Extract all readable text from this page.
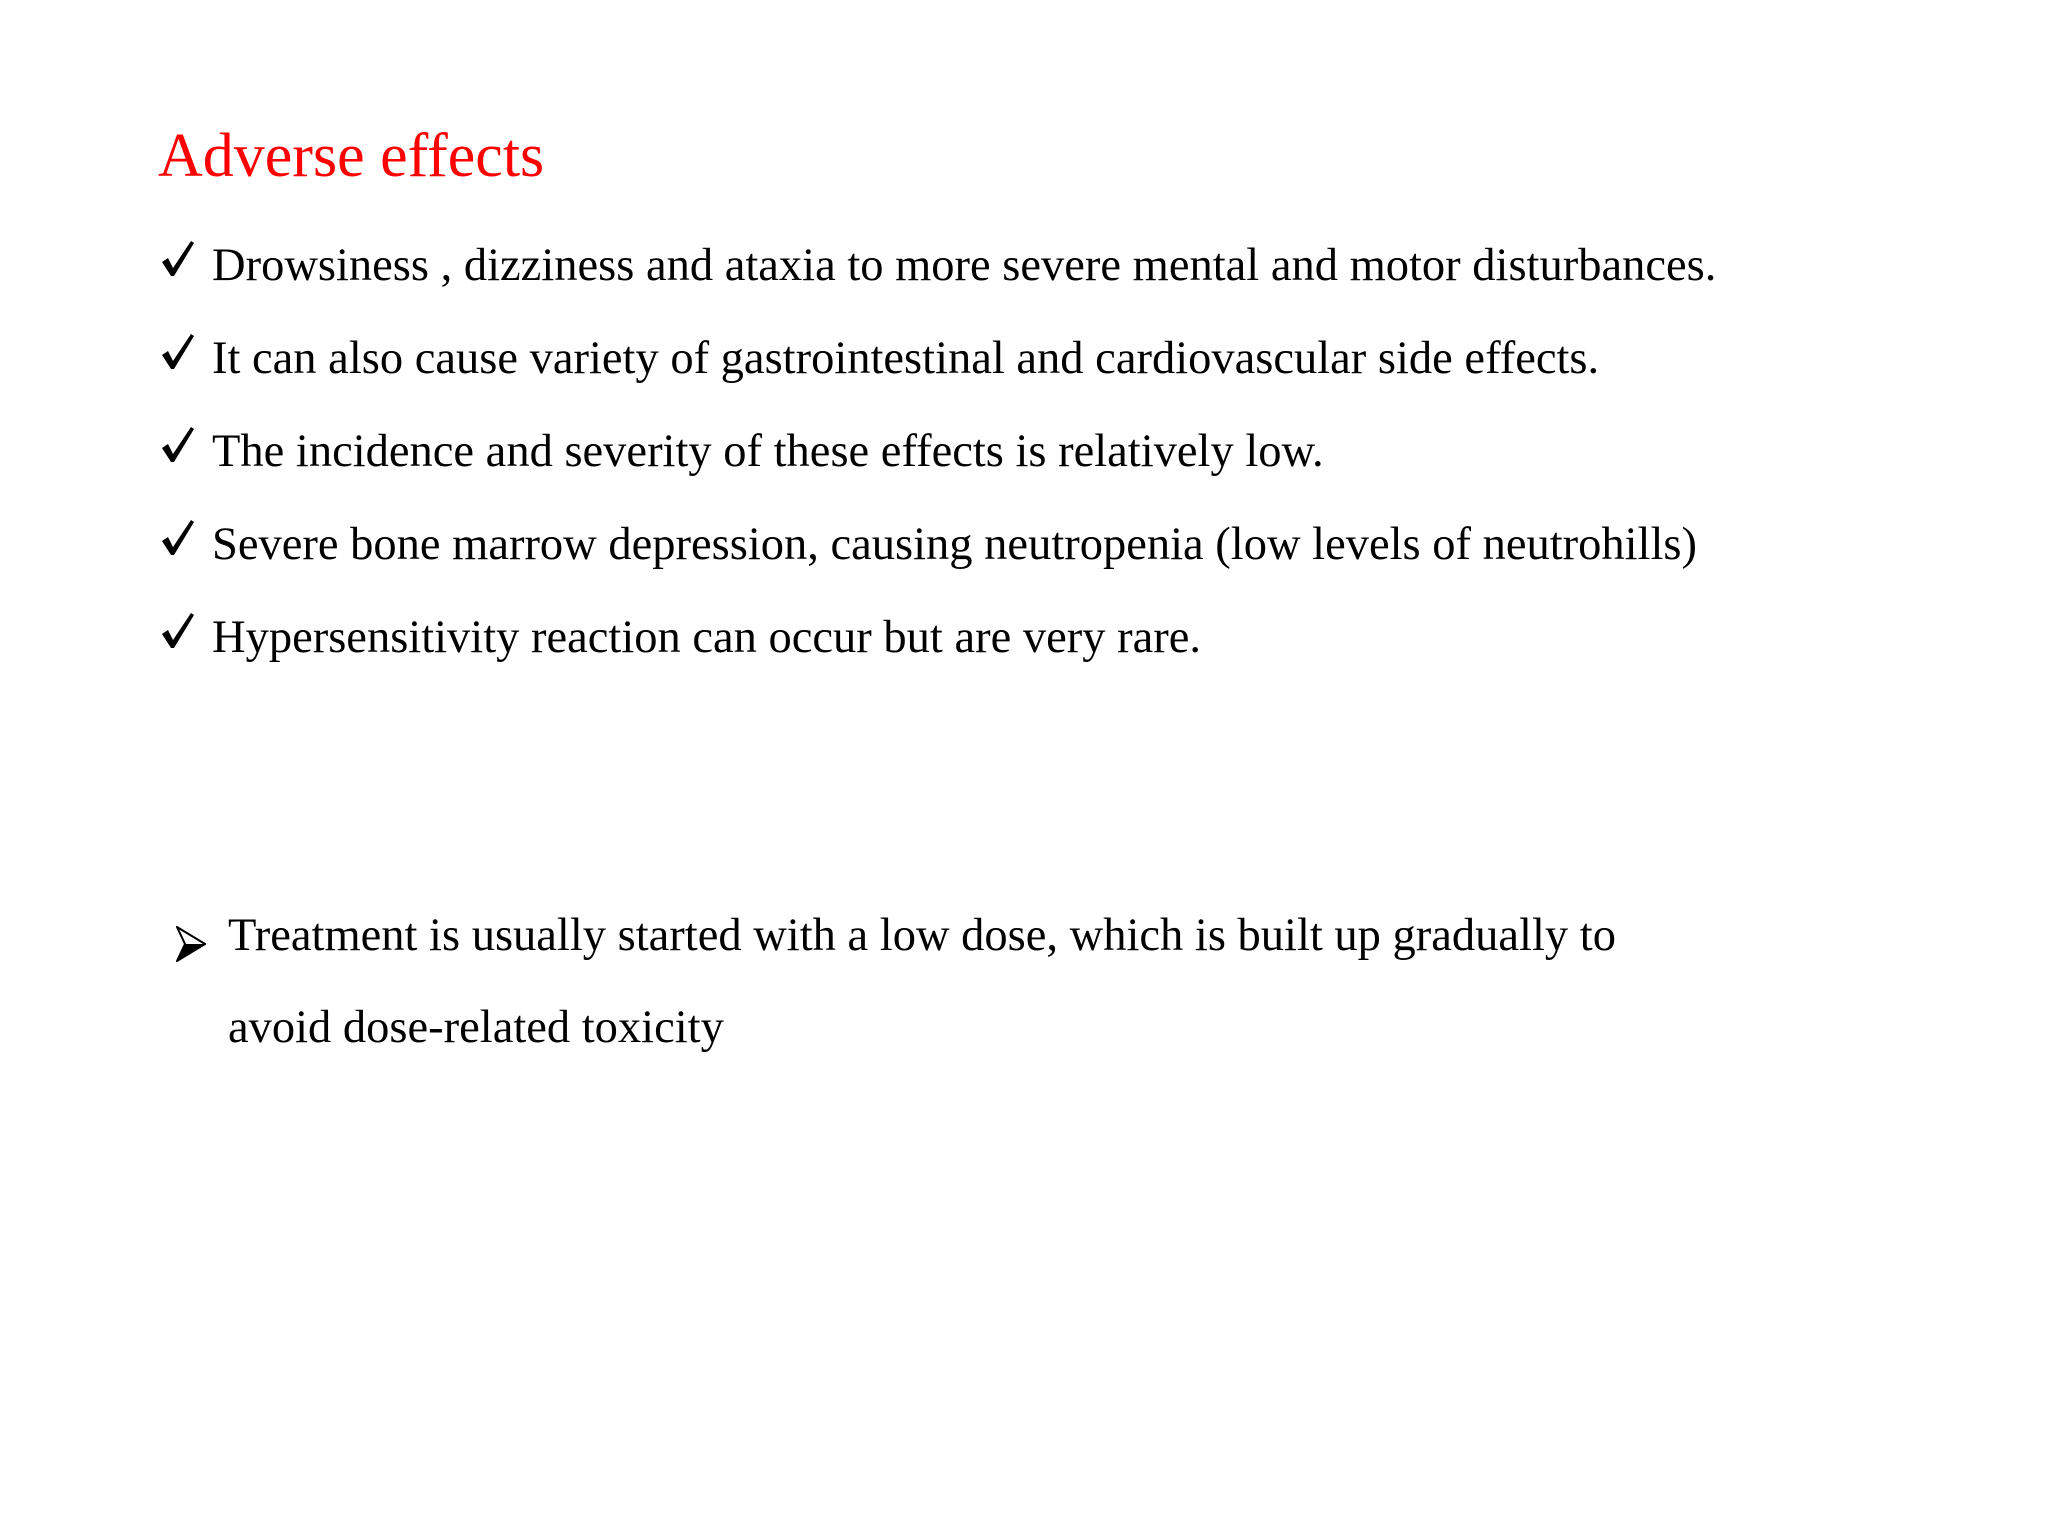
Adverse effects
Drowsiness , dizziness and ataxia to more severe mental and motor disturbances.
It can also cause variety of gastrointestinal and cardiovascular side effects.
The incidence and severity of these effects is relatively low.
Severe bone marrow depression, causing neutropenia (low levels of neutrohills)
Hypersensitivity reaction can occur but are very rare.
Treatment is usually started with a low dose, which is built up gradually to
avoid dose-related toxicity
